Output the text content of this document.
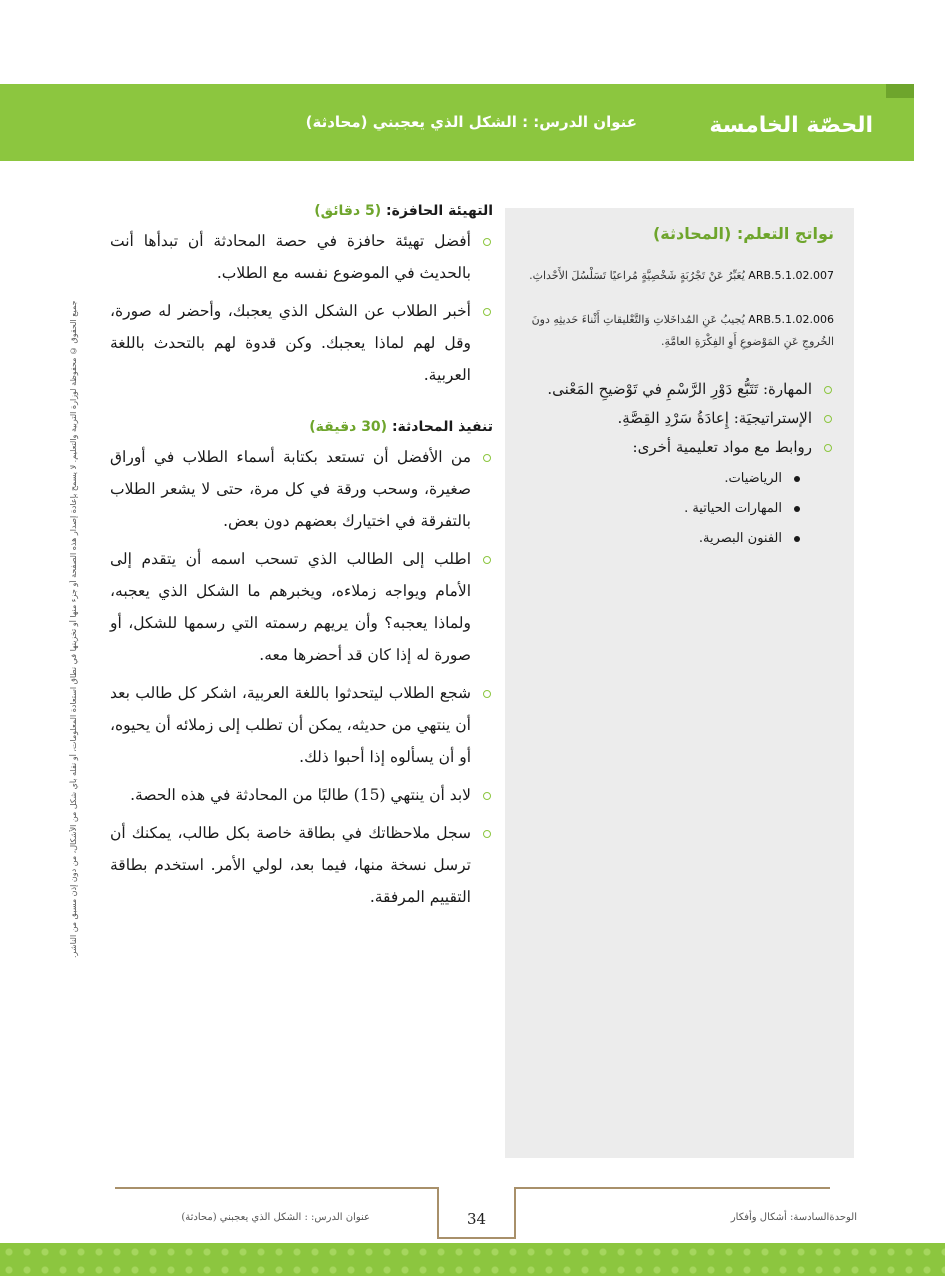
الحصّة الخامسة
عنوان الدرس: : الشكل الذي يعجبني (محادثة)
جميع الحقوق © محفوظة لوزارة التربية والتعليم. لا يسمح بإعادة إصدار هذه الصفحة أو جزء منها أو تخزينها في نطاق استعادة المعلومات، أو نقله بأي شكل من الأشكال، من دون إذن مسبق من الناشر.
نواتج التعلم: (المحادثة)
ARB.5.1.02.007 يُعَبِّرُ عَنْ تَجْرُبَةٍ شَخْصِيَّةٍ مُراعيًا تَسَلْسُلَ الأَحْداثِ.
ARB.5.1.02.006 يُجيبُ عَنِ المُداخَلاتِ وَالتَّعْليقاتِ أَثْناءَ حَديثِهِ دونَ الخُروجِ عَنِ المَوْضوعِ أَوِ الفِكْرَةِ العامَّةِ.
المهارة: تَتَبُّع دَوْرِ الرَّسْمِ في تَوْضيحِ المَعْنى.
الإستراتيجيَة: إِعادَةُ سَرْدِ القِصَّةِ.
روابط مع مواد تعليمية أخرى:
الرياضيات.
المهارات الحياتية .
الفنون البصرية.
التهيئة الحافزة: (5 دقائق)
أفضل تهيئة حافزة في حصة المحادثة أن تبدأها أنت بالحديث في الموضوع نفسه مع الطلاب.
أخبر الطلاب عن الشكل الذي يعجبك، وأحضر له صورة، وقل لهم لماذا يعجبك. وكن قدوة لهم بالتحدث باللغة العربية.
تنفيذ المحادثة: (30 دقيقة)
من الأفضل أن تستعد بكتابة أسماء الطلاب في أوراق صغيرة، وسحب ورقة في كل مرة، حتى لا يشعر الطلاب بالتفرقة في اختيارك بعضهم دون بعض.
اطلب إلى الطالب الذي تسحب اسمه أن يتقدم إلى الأمام ويواجه زملاءه، ويخبرهم ما الشكل الذي يعجبه، ولماذا يعجبه؟ وأن يريهم رسمته التي رسمها للشكل، أو صورة له إذا كان قد أحضرها معه.
شجع الطلاب ليتحدثوا باللغة العربية، اشكر كل طالب بعد أن ينتهي من حديثه، يمكن أن تطلب إلى زملائه أن يحيوه، أو أن يسألوه إذا أحبوا ذلك.
لابد أن ينتهي (15) طالبًا من المحادثة في هذه الحصة.
سجل ملاحظاتك في بطاقة خاصة بكل طالب، يمكنك أن ترسل نسخة منها، فيما بعد، لولي الأمر. استخدم بطاقة التقييم المرفقة.
34
عنوان الدرس: : الشكل الذي يعجبني (محادثة)	الوحدةالسادسة: أشكال وأفكار
